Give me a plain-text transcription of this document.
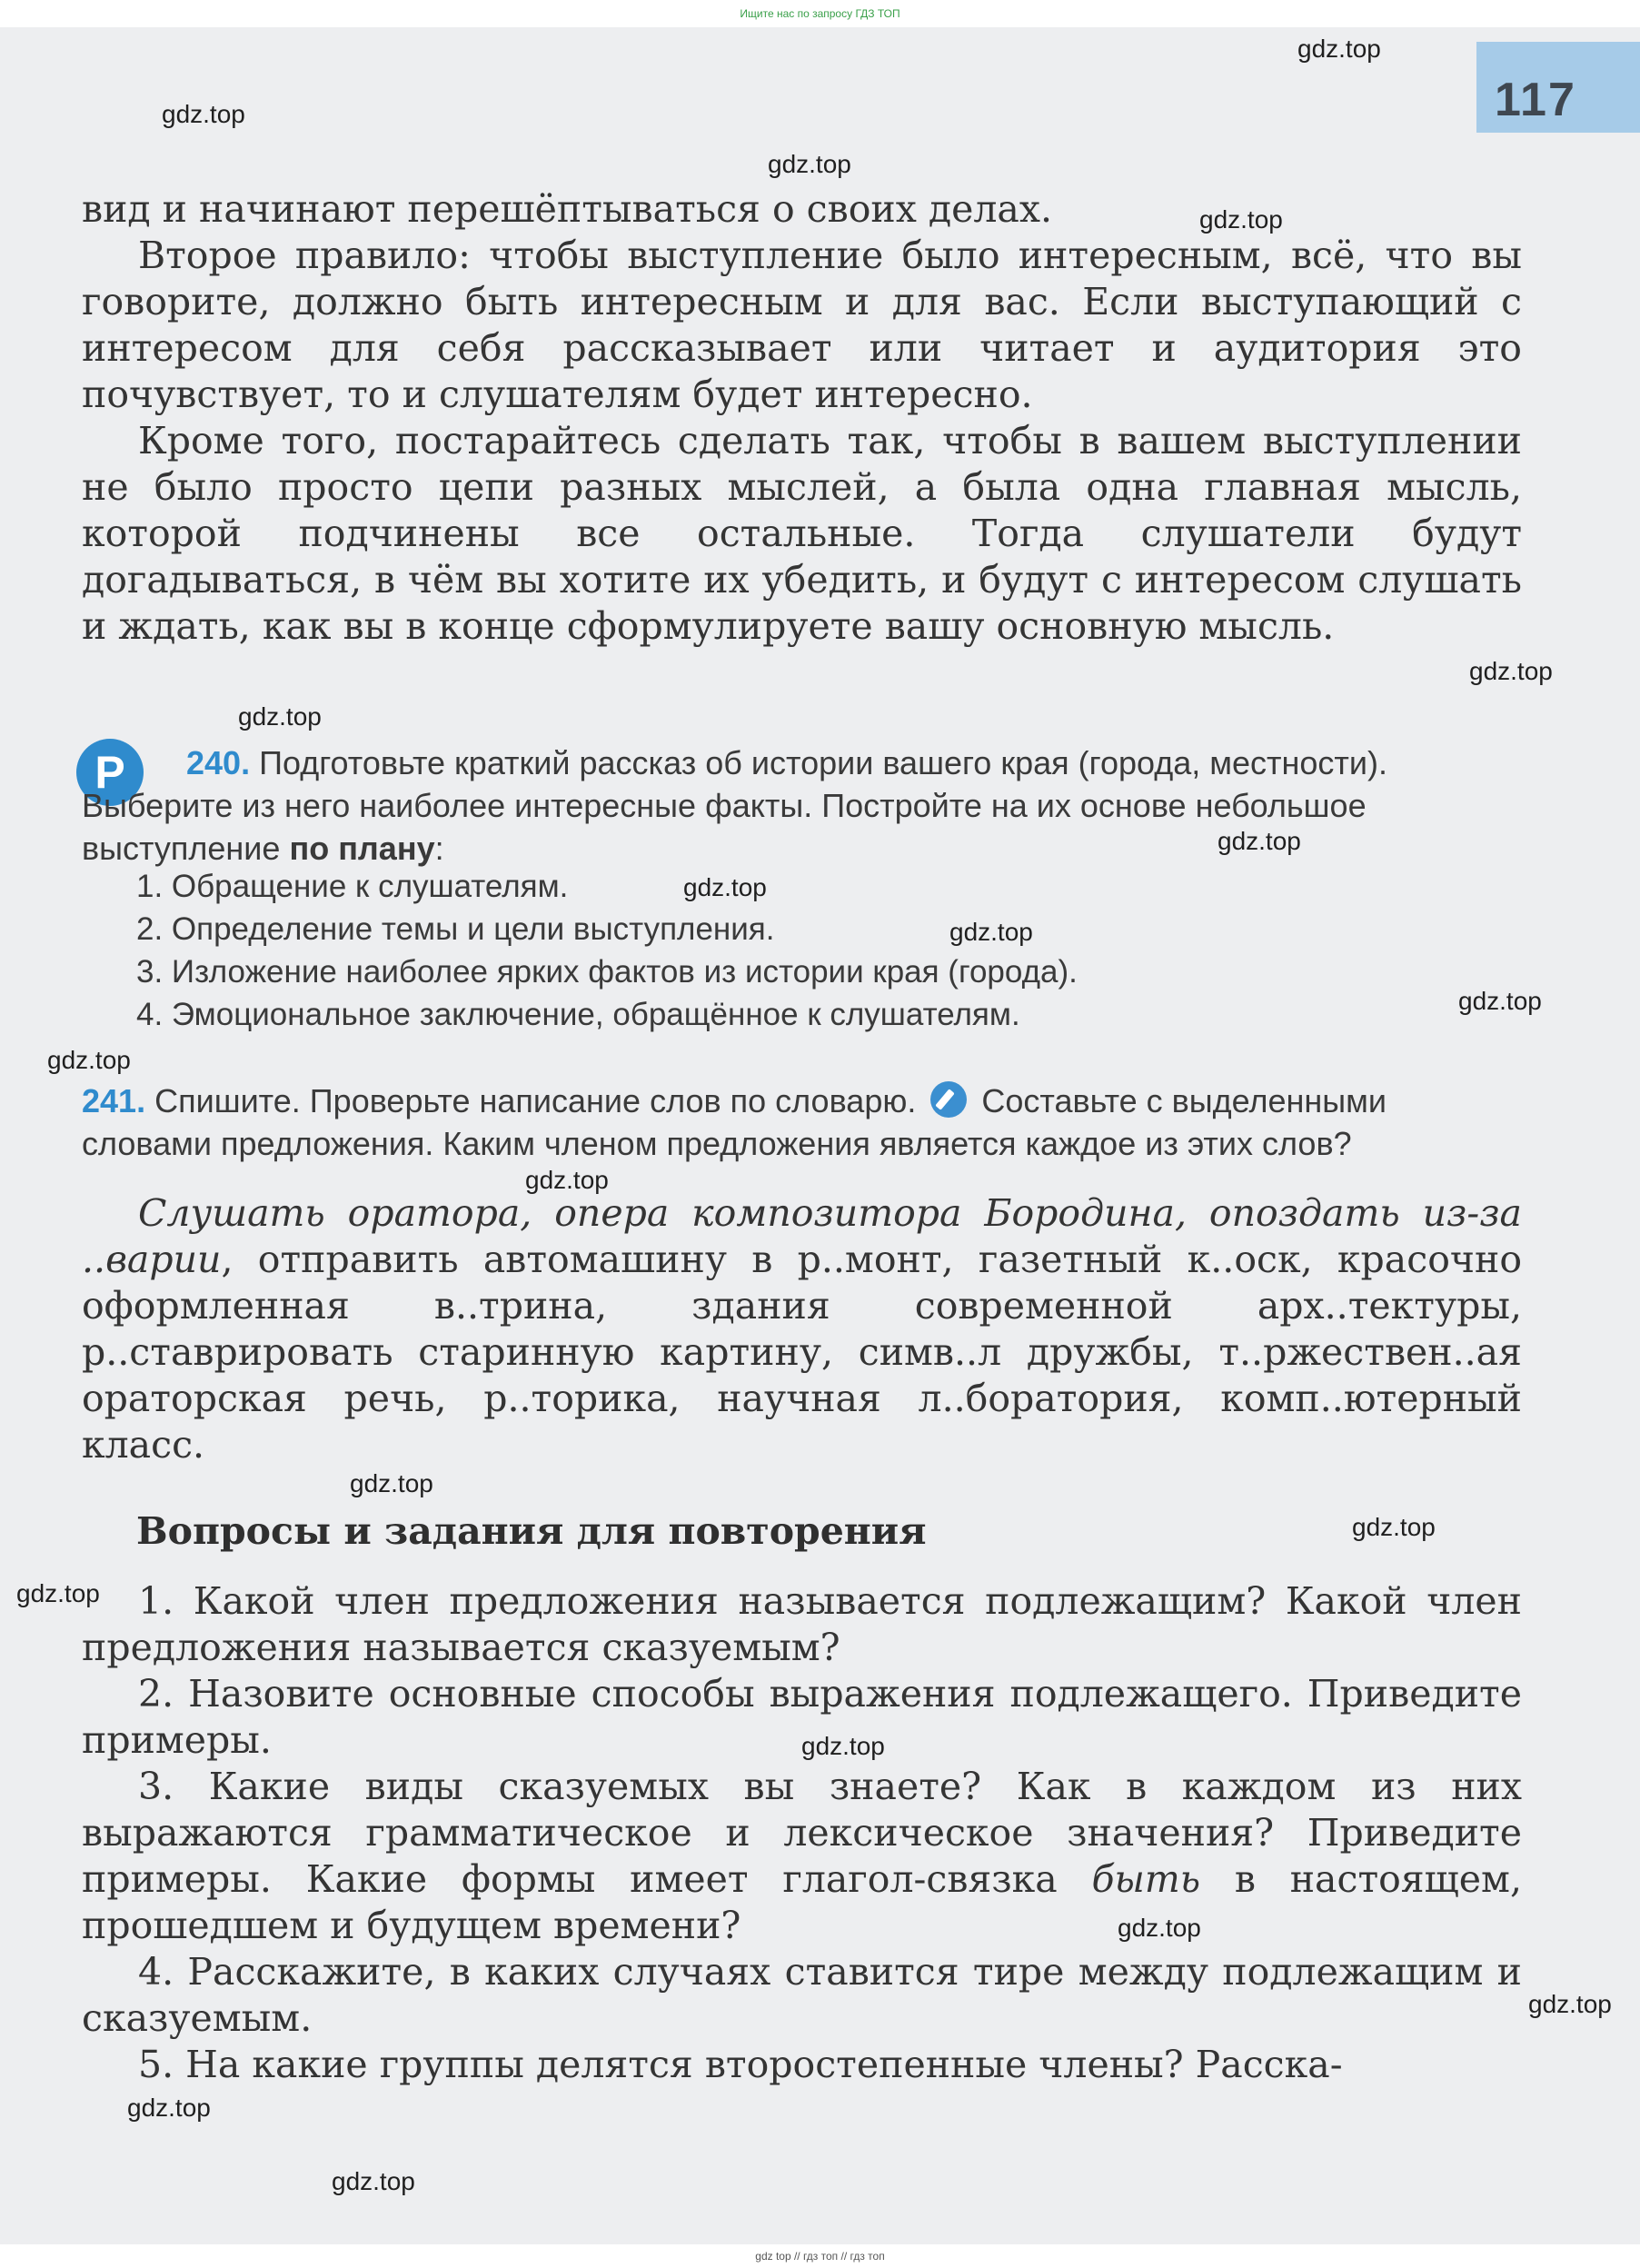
Ищите нас по запросу ГДЗ ТОП
117

вид и начинают перешёптываться о своих делах.

Второе правило: чтобы выступление было интересным, всё, что вы говорите, должно быть интересным и для вас. Если выступающий с интересом для себя рассказывает или читает и аудитория это почувствует, то и слушателям будет интересно.

Кроме того, постарайтесь сделать так, чтобы в вашем выступлении не было просто цепи разных мыслей, а была одна главная мысль, которой подчинены все остальные. Тогда слушатели будут догадываться, в чём вы хотите их убедить, и будут с интересом слушать и ждать, как вы в конце сформулируете вашу основную мысль.

Р	240. Подготовьте краткий рассказ об истории вашего края (города, местности). Выберите из него наиболее интересные факты. Постройте на их основе небольшое выступление по плану:
1. Обращение к слушателям.
2. Определение темы и цели выступления.
3. Изложение наиболее ярких фактов из истории края (города).
4. Эмоциональное заключение, обращённое к слушателям.
241. Спишите. Проверьте написание слов по словарю. Составьте с выделенными словами предложения. Каким членом предложения является каждое из этих слов?

Слушать оратора, опера композитора Бородина, опоздать из-за ..варии, отправить автомашину в р..монт, газетный к..оск, красочно оформленная в..трина, здания современной арх..тектуры, р..ставрировать старинную картину, симв..л дружбы, т..ржествен..ая ораторская речь, р..торика, научная л..боратория, комп..ютерный класс.

Вопросы и задания для повторения

1. Какой член предложения называется подлежащим? Какой член предложения называется сказуемым?

2. Назовите основные способы выражения подлежащего. Приведите примеры.

3. Какие виды сказуемых вы знаете? Как в каждом из них выражаются грамматическое и лексическое значения? Приведите примеры. Какие формы имеет глагол-связка быть в настоящем, прошедшем и будущем времени?

4. Расскажите, в каких случаях ставится тире между подлежащим и сказуемым.

5. На какие группы делятся второстепенные члены? Расска-

gdz.top
gdz.top
gdz.top
gdz.top
gdz.top
gdz.top
gdz.top
gdz.top
gdz.top
gdz.top
gdz.top
gdz.top
gdz.top
gdz.top
gdz.top
gdz.top
gdz.top
gdz.top
gdz.top
gdz.top
gdz top // гдз топ // гдз топ
